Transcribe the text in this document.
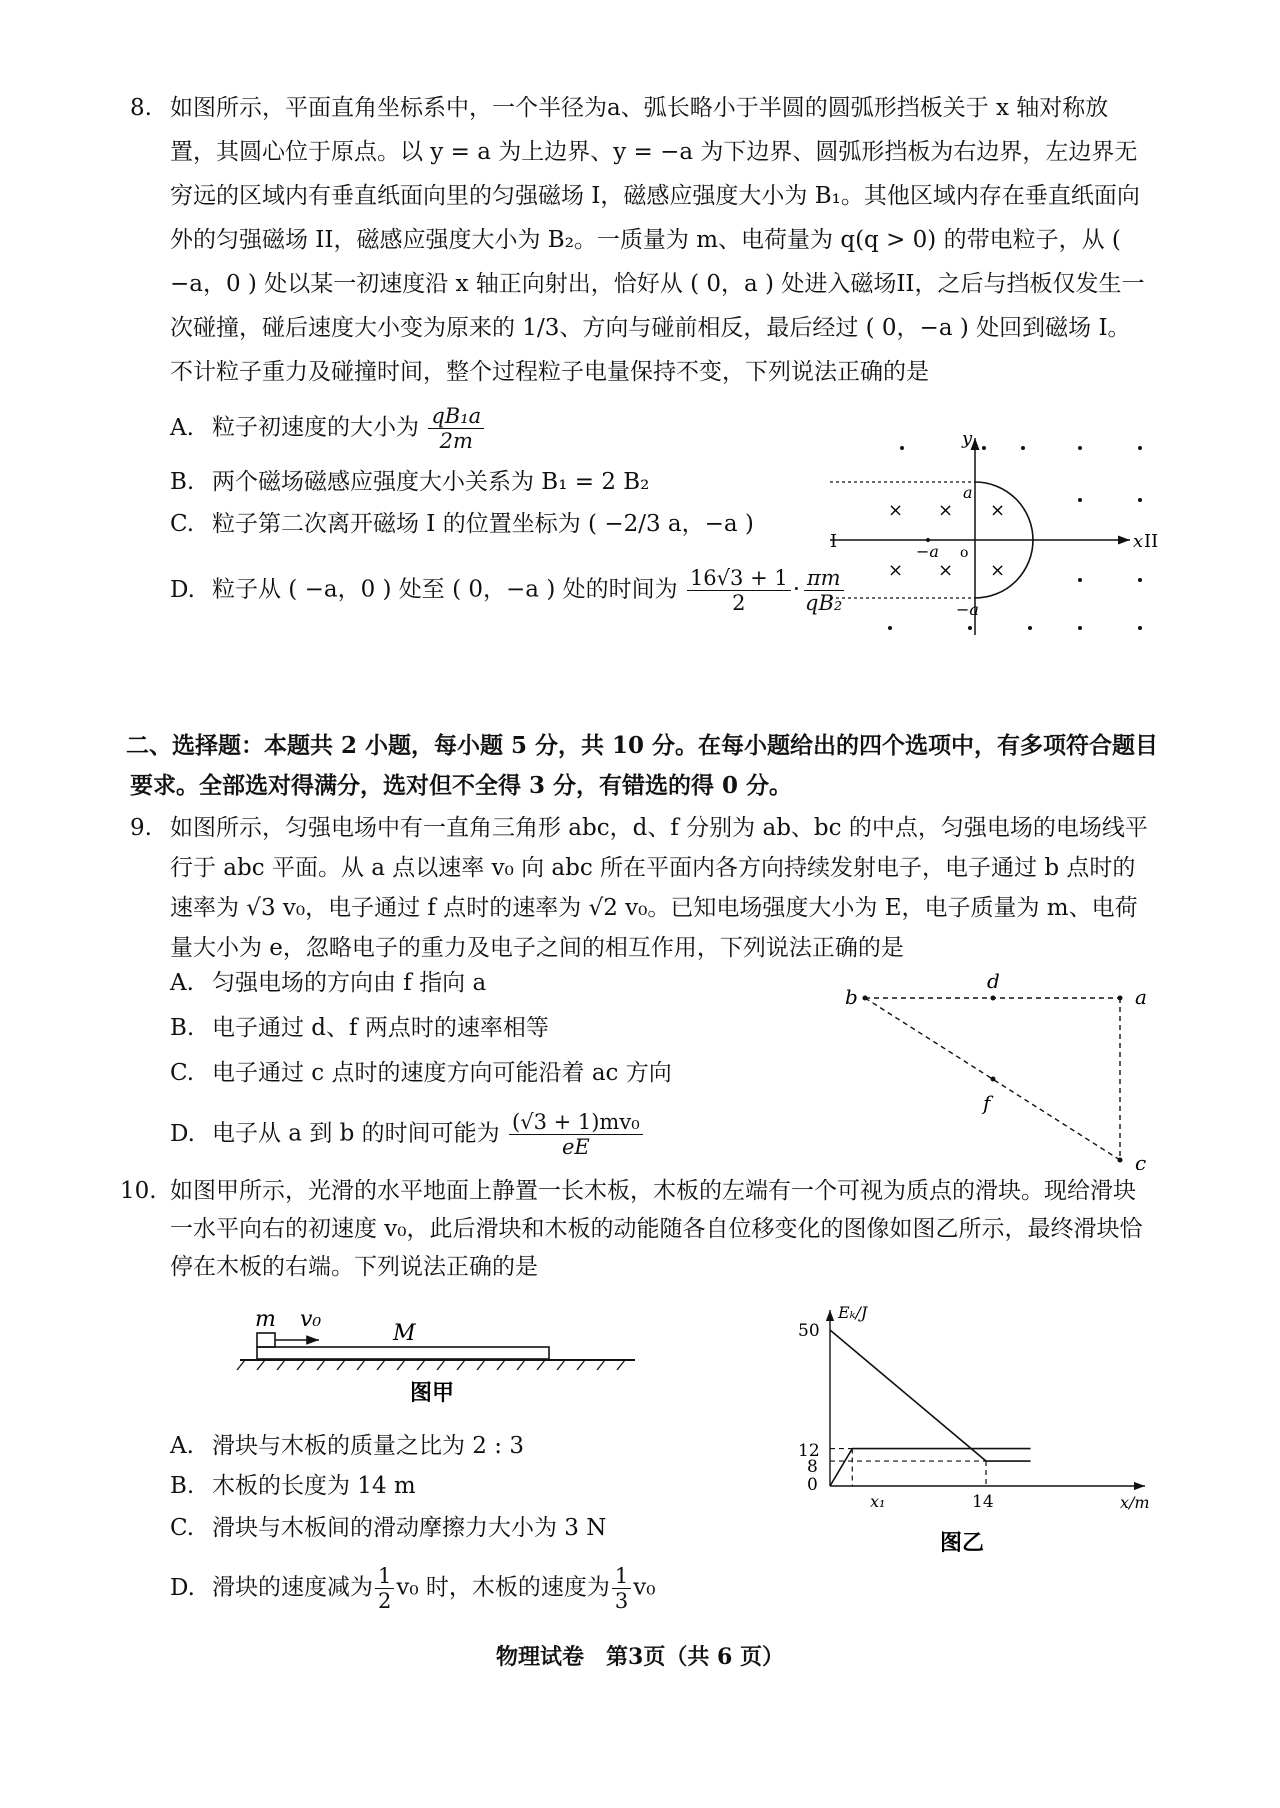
8. 如图所示，平面直角坐标系中，一个半径为a、弧长略小于半圆的圆弧形挡板关于 x 轴对称放置，其圆心位于原点。以 y = a 为上边界、y = −a 为下边界、圆弧形挡板为右边界，左边界无穷远的区域内有垂直纸面向里的匀强磁场 I，磁感应强度大小为 B₁。其他区域内存在垂直纸面向外的匀强磁场 II，磁感应强度大小为 B₂。一质量为 m、电荷量为 q(q > 0) 的带电粒子，从 ( −a，0 ) 处以某一初速度沿 x 轴正向射出，恰好从 ( 0，a ) 处进入磁场II，之后与挡板仅发生一次碰撞，碰后速度大小变为原来的 1/3、方向与碰前相反，最后经过 ( 0，−a ) 处回到磁场 I。不计粒子重力及碰撞时间，整个过程粒子电量保持不变，下列说法正确的是
A. 粒子初速度的大小为 $\frac{\text{qB₁a}}{2m}$
B. 两个磁场磁感应强度大小关系为 B₁ = 2 B₂
C. 粒子第二次离开磁场 I 的位置坐标为 ( −2/3 a，−a )
D. 粒子从 ( −a，0 ) 处至 ( 0，−a ) 处的时间为 $\frac{16√3 + 1}{2} \cdot \frac{\pi m}{\text{qB₂}}$
× × ×
× × ×
I	II
x
y
a
−a o
−a
二、选择题：本题共 2 小题，每小题 5 分，共 10 分。在每小题给出的四个选项中，有多项符合题目要求。全部选对得满分，选对但不全得 3 分，有错选的得 0 分。
9. 如图所示，匀强电场中有一直角三角形 abc，d、f 分别为 ab、bc 的中点，匀强电场的电场线平行于 abc 平面。从 a 点以速率 v₀ 向 abc 所在平面内各方向持续发射电子，电子通过 b 点时的速率为 √3 v₀，电子通过 f 点时的速率为 √2 v₀。已知电场强度大小为 E，电子质量为 m、电荷量大小为 e，忽略电子的重力及电子之间的相互作用，下列说法正确的是
A. 匀强电场的方向由 f 指向 a
B. 电子通过 d、f 两点时的速率相等
C. 电子通过 c 点时的速度方向可能沿着 ac 方向
D. 电子从 a 到 b 的时间可能为 $\frac{\text{(√3 + 1)mv₀}}{eE}$
b	a
c
d
f
10. 如图甲所示，光滑的水平地面上静置一长木板，木板的左端有一个可视为质点的滑块。现给滑块一水平向右的初速度 v₀，此后滑块和木板的动能随各自位移变化的图像如图乙所示，最终滑块恰停在木板的右端。下列说法正确的是
m v₀
M
图甲
A. 滑块与木板的质量之比为 2 : 3
B. 木板的长度为 14 m
C. 滑块与木板间的滑动摩擦力大小为 3 N
D. 滑块的速度减为 $\frac{1}{2} v_0$ 时，木板的速度为 $\frac{1}{3} v_0$
Eₖ/J
x/m
50
12
8
0
x₁	14
图乙
物理试卷　第3页（共 6 页）
